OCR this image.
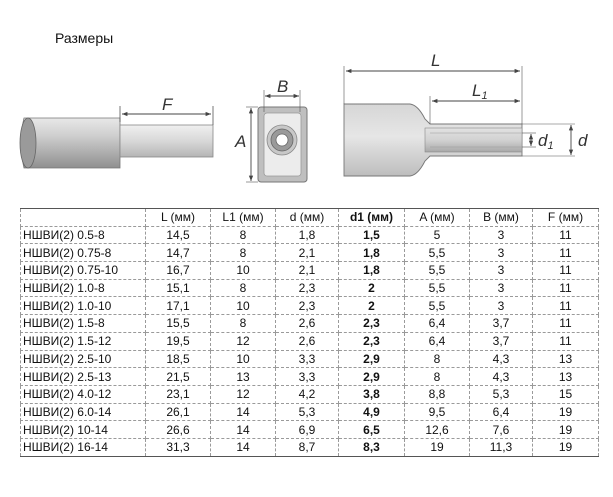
Размеры
F
B
A
L
L1
d1 d
	L (мм)	L1 (мм)	d (мм)	d1 (мм)	A (мм)	B (мм)	F (мм)
НШВИ(2) 0.5-8	14,5	8	1,8	1,5	5	3	11
НШВИ(2) 0.75-8	14,7	8	2,1	1,8	5,5	3	11
НШВИ(2) 0.75-10	16,7	10	2,1	1,8	5,5	3	11
НШВИ(2) 1.0-8	15,1	8	2,3	2	5,5	3	11
НШВИ(2) 1.0-10	17,1	10	2,3	2	5,5	3	11
НШВИ(2) 1.5-8	15,5	8	2,6	2,3	6,4	3,7	11
НШВИ(2) 1.5-12	19,5	12	2,6	2,3	6,4	3,7	11
НШВИ(2) 2.5-10	18,5	10	3,3	2,9	8	4,3	13
НШВИ(2) 2.5-13	21,5	13	3,3	2,9	8	4,3	13
НШВИ(2) 4.0-12	23,1	12	4,2	3,8	8,8	5,3	15
НШВИ(2) 6.0-14	26,1	14	5,3	4,9	9,5	6,4	19
НШВИ(2) 10-14	26,6	14	6,9	6,5	12,6	7,6	19
НШВИ(2) 16-14	31,3	14	8,7	8,3	19	11,3	19
